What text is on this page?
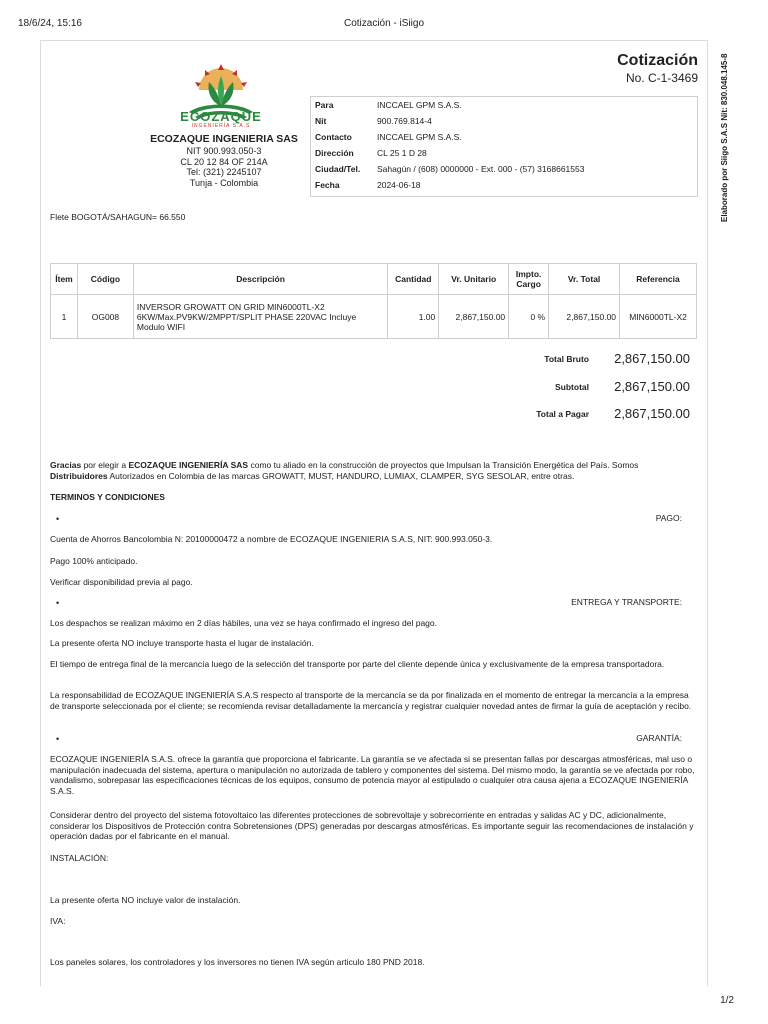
18/6/24, 15:16	Cotización - iSiigo
Elaborado por Siigo S.A.S Nit: 830.048.145-8
ECOZAQUE
INGENIERÍA S.A.S
ECOZAQUE INGENIERIA SAS
NIT 900.993.050-3
CL 20 12 84 OF 214A
Tel: (321) 2245107
Tunja - Colombia
Cotización
No. C-1-3469
Para	INCCAEL GPM S.A.S.
Nit	900.769.814-4
Contacto	INCCAEL GPM S.A.S.
Dirección	CL 25 1 D 28
Ciudad/Tel. Sahagún / (608) 0000000 - Ext. 000 - (57) 3168661553
Fecha	2024-06-18
Flete BOGOTÁ/SAHAGUN= 66.550
Ítem	Código	Descripción	Cantidad	Vr. Unitario	Impto. Cargo	Vr. Total	Referencia
1	OG008	INVERSOR GROWATT ON GRID MIN6000TL-X2 6KW/Max.PV9KW/2MPPT/SPLIT PHASE 220VAC Incluye Modulo WIFI	1.00	2,867,150.00	0 %	2,867,150.00	MIN6000TL-X2
Total Bruto 2,867,150.00
Subtotal 2,867,150.00
Total a Pagar 2,867,150.00
Gracias por elegir a ECOZAQUE INGENIERÍA SAS como tu aliado en la construcción de proyectos que Impulsan la Transición Energética del País. Somos Distribuidores Autorizados en Colombia de las marcas GROWATT, MUST, HANDURO, LUMIAX, CLAMPER, SYG SESOLAR, entre otras.
TERMINOS Y CONDICIONES
•	PAGO:
Cuenta de Ahorros Bancolombia N: 20100000472 a nombre de ECOZAQUE INGENIERIA S.A.S, NIT: 900.993.050-3.
Pago 100% anticipado.
Verificar disponibilidad previa al pago.
•	ENTREGA Y TRANSPORTE:
Los despachos se realizan máximo en 2 días hábiles, una vez se haya confirmado el ingreso del pago.
La presente oferta NO incluye transporte hasta el lugar de instalación.
El tiempo de entrega final de la mercancía luego de la selección del transporte por parte del cliente depende única y exclusivamente de la empresa transportadora.
La responsabilidad de ECOZAQUE INGENIERÍA S.A.S respecto al transporte de la mercancía se da por finalizada en el momento de entregar la mercancía a la empresa de transporte seleccionada por el cliente; se recomienda revisar detalladamente la mercancía y registrar cualquier novedad antes de firmar la guía de aceptación y recibo.
•	GARANTÍA:
ECOZAQUE INGENIERÍA S.A.S. ofrece la garantía que proporciona el fabricante. La garantía se ve afectada si se presentan fallas por descargas atmosféricas, mal uso o manipulación inadecuada del sistema, apertura o manipulación no autorizada de tablero y componentes del sistema. Del mismo modo, la garantía se ve afectada por robo, vandalismo, sobrepasar las especificaciones técnicas de los equipos, consumo de potencia mayor al estipulado o cualquier otra causa ajena a ECOZAQUE INGENIERÍA S.A.S.
Considerar dentro del proyecto del sistema fotovoltaico las diferentes protecciones de sobrevoltaje y sobrecorriente en entradas y salidas AC y DC, adicionalmente, considerar los Dispositivos de Protección contra Sobretensiones (DPS) generadas por descargas atmosféricas. Es importante seguir las recomendaciones de instalación y operación dadas por el fabricante en el manual.
INSTALACIÓN:
La presente oferta NO incluye valor de instalación.
IVA:
Los paneles solares, los controladores y los inversores no tienen IVA según articulo 180 PND 2018.
1/2
